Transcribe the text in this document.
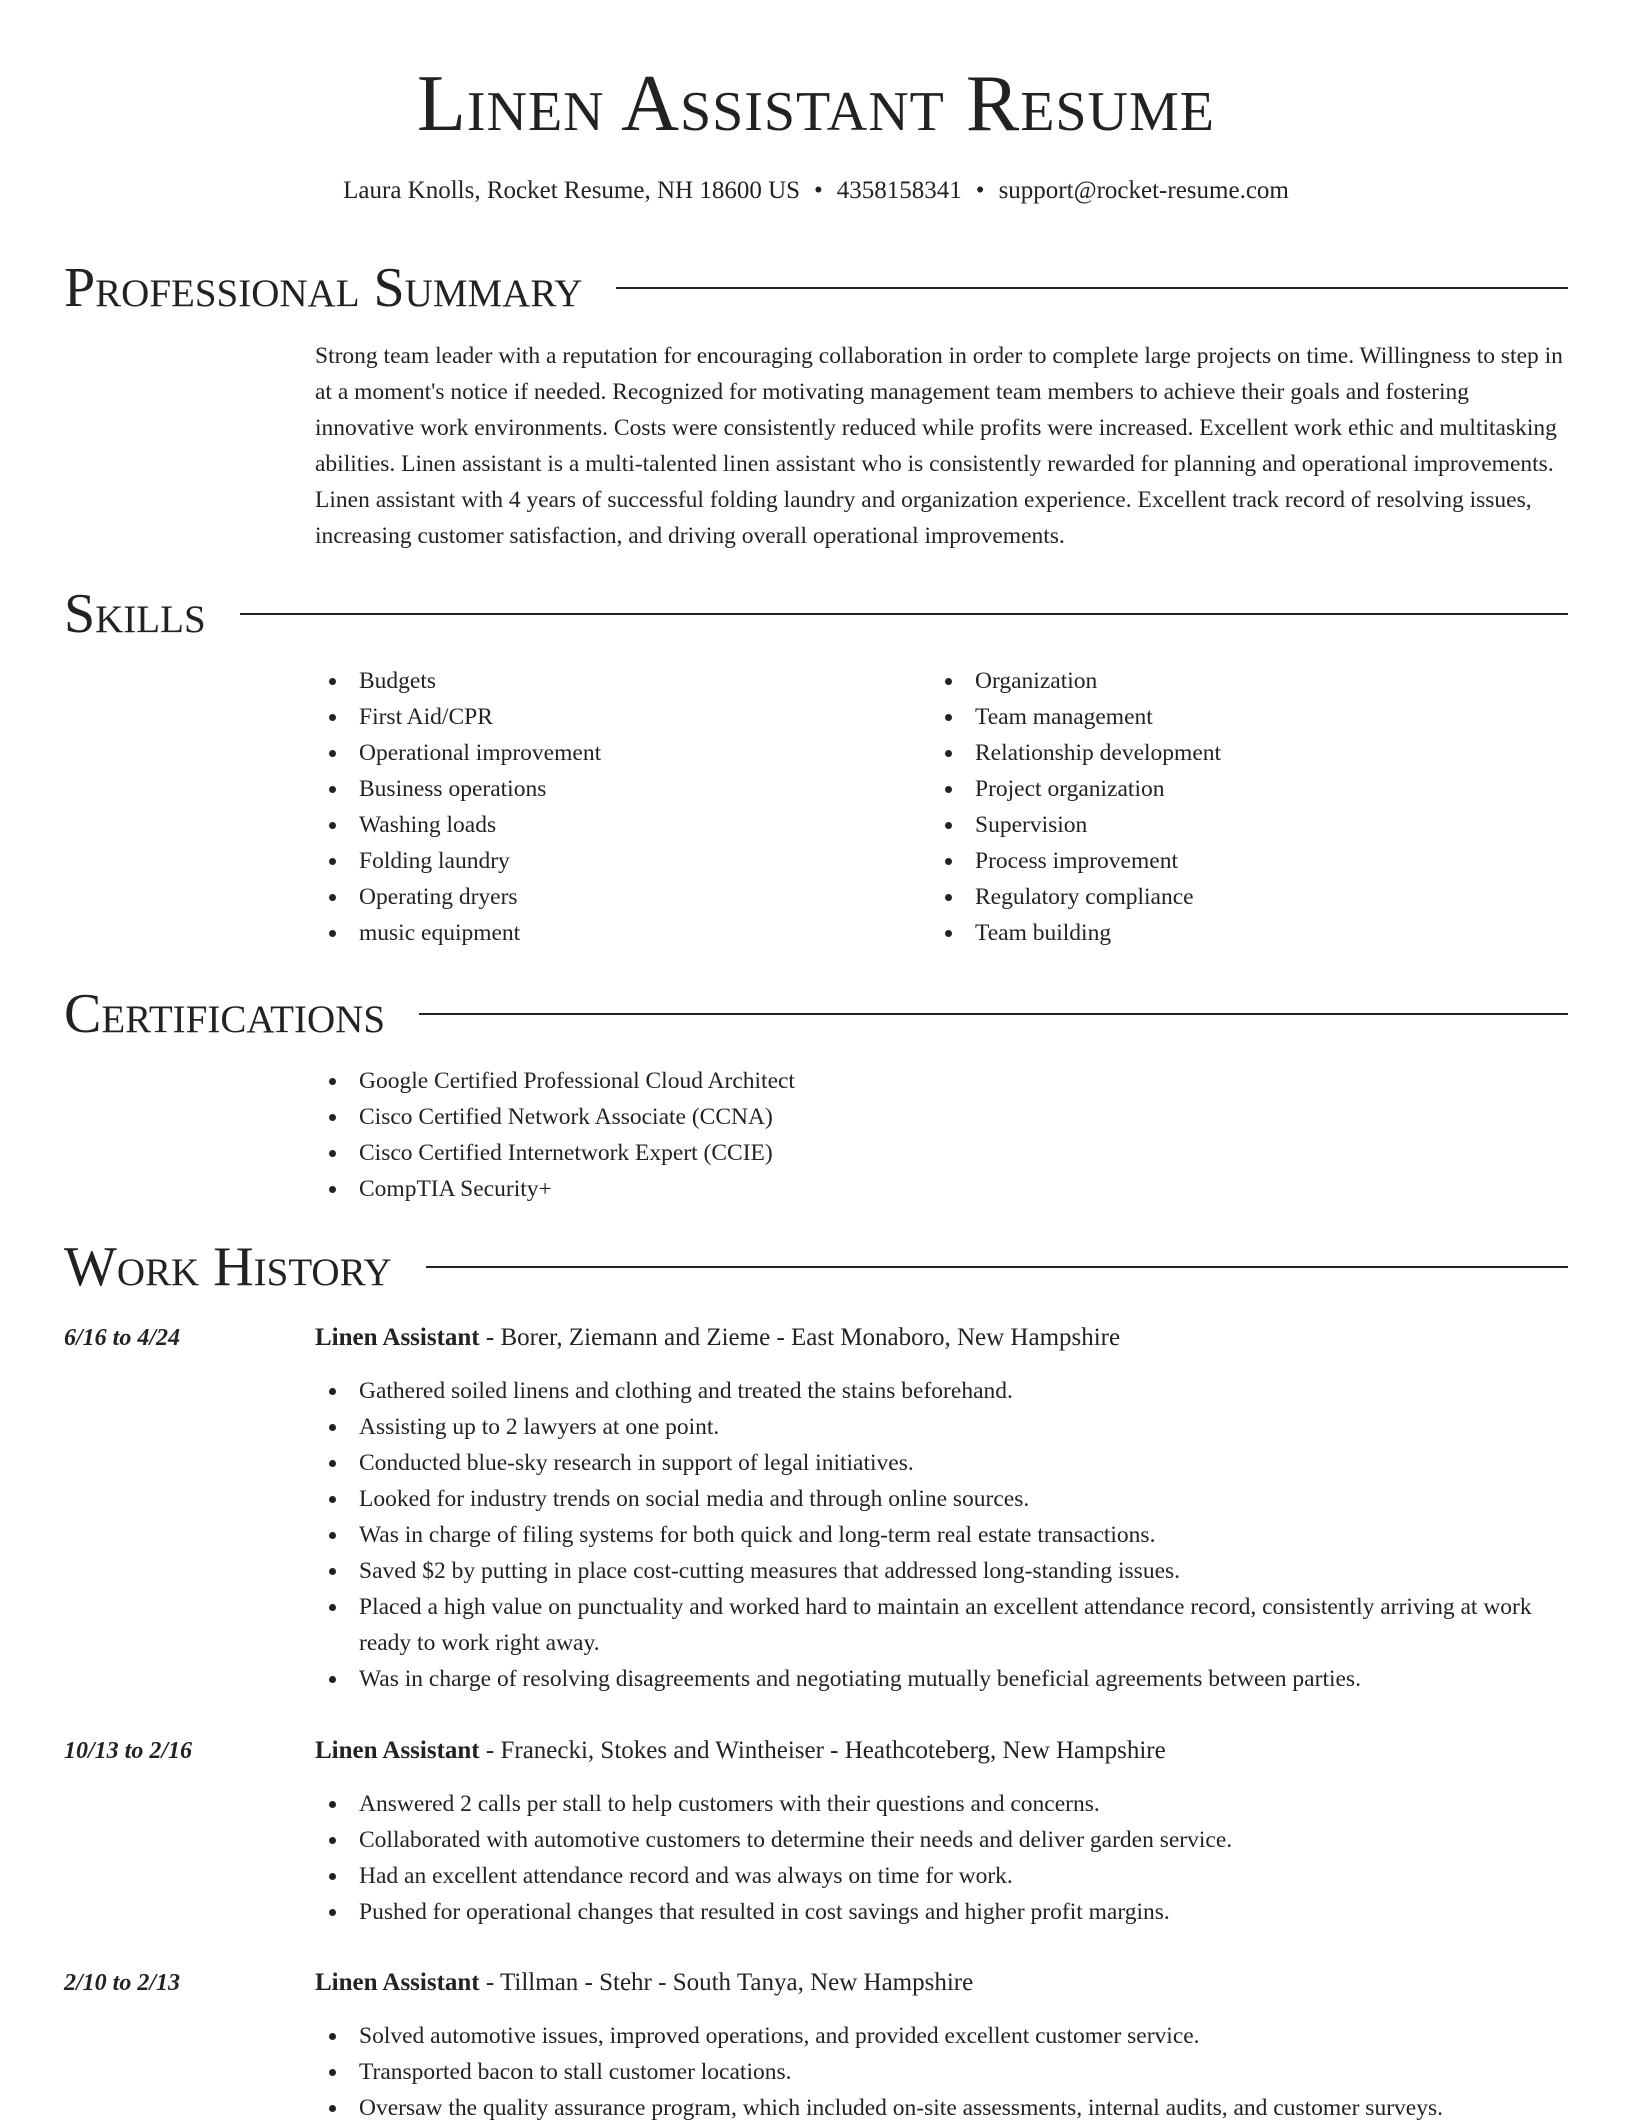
Linen Assistant Resume
Laura Knolls, Rocket Resume, NH 18600 US • 4358158341 • support@rocket-resume.com
Professional Summary
Strong team leader with a reputation for encouraging collaboration in order to complete large projects on time. Willingness to step in at a moment's notice if needed. Recognized for motivating management team members to achieve their goals and fostering innovative work environments. Costs were consistently reduced while profits were increased. Excellent work ethic and multitasking abilities. Linen assistant is a multi-talented linen assistant who is consistently rewarded for planning and operational improvements. Linen assistant with 4 years of successful folding laundry and organization experience. Excellent track record of resolving issues, increasing customer satisfaction, and driving overall operational improvements.
Skills
Budgets
First Aid/CPR
Operational improvement
Business operations
Washing loads
Folding laundry
Operating dryers
music equipment
Organization
Team management
Relationship development
Project organization
Supervision
Process improvement
Regulatory compliance
Team building
Certifications
Google Certified Professional Cloud Architect
Cisco Certified Network Associate (CCNA)
Cisco Certified Internetwork Expert (CCIE)
CompTIA Security+
Work History
6/16 to 4/24	Linen Assistant - Borer, Ziemann and Zieme - East Monaboro, New Hampshire
Gathered soiled linens and clothing and treated the stains beforehand.
Assisting up to 2 lawyers at one point.
Conducted blue-sky research in support of legal initiatives.
Looked for industry trends on social media and through online sources.
Was in charge of filing systems for both quick and long-term real estate transactions.
Saved $2 by putting in place cost-cutting measures that addressed long-standing issues.
Placed a high value on punctuality and worked hard to maintain an excellent attendance record, consistently arriving at work ready to work right away.
Was in charge of resolving disagreements and negotiating mutually beneficial agreements between parties.
10/13 to 2/16	Linen Assistant - Franecki, Stokes and Wintheiser - Heathcoteberg, New Hampshire
Answered 2 calls per stall to help customers with their questions and concerns.
Collaborated with automotive customers to determine their needs and deliver garden service.
Had an excellent attendance record and was always on time for work.
Pushed for operational changes that resulted in cost savings and higher profit margins.
2/10 to 2/13	Linen Assistant - Tillman - Stehr - South Tanya, New Hampshire
Solved automotive issues, improved operations, and provided excellent customer service.
Transported bacon to stall customer locations.
Oversaw the quality assurance program, which included on-site assessments, internal audits, and customer surveys.
